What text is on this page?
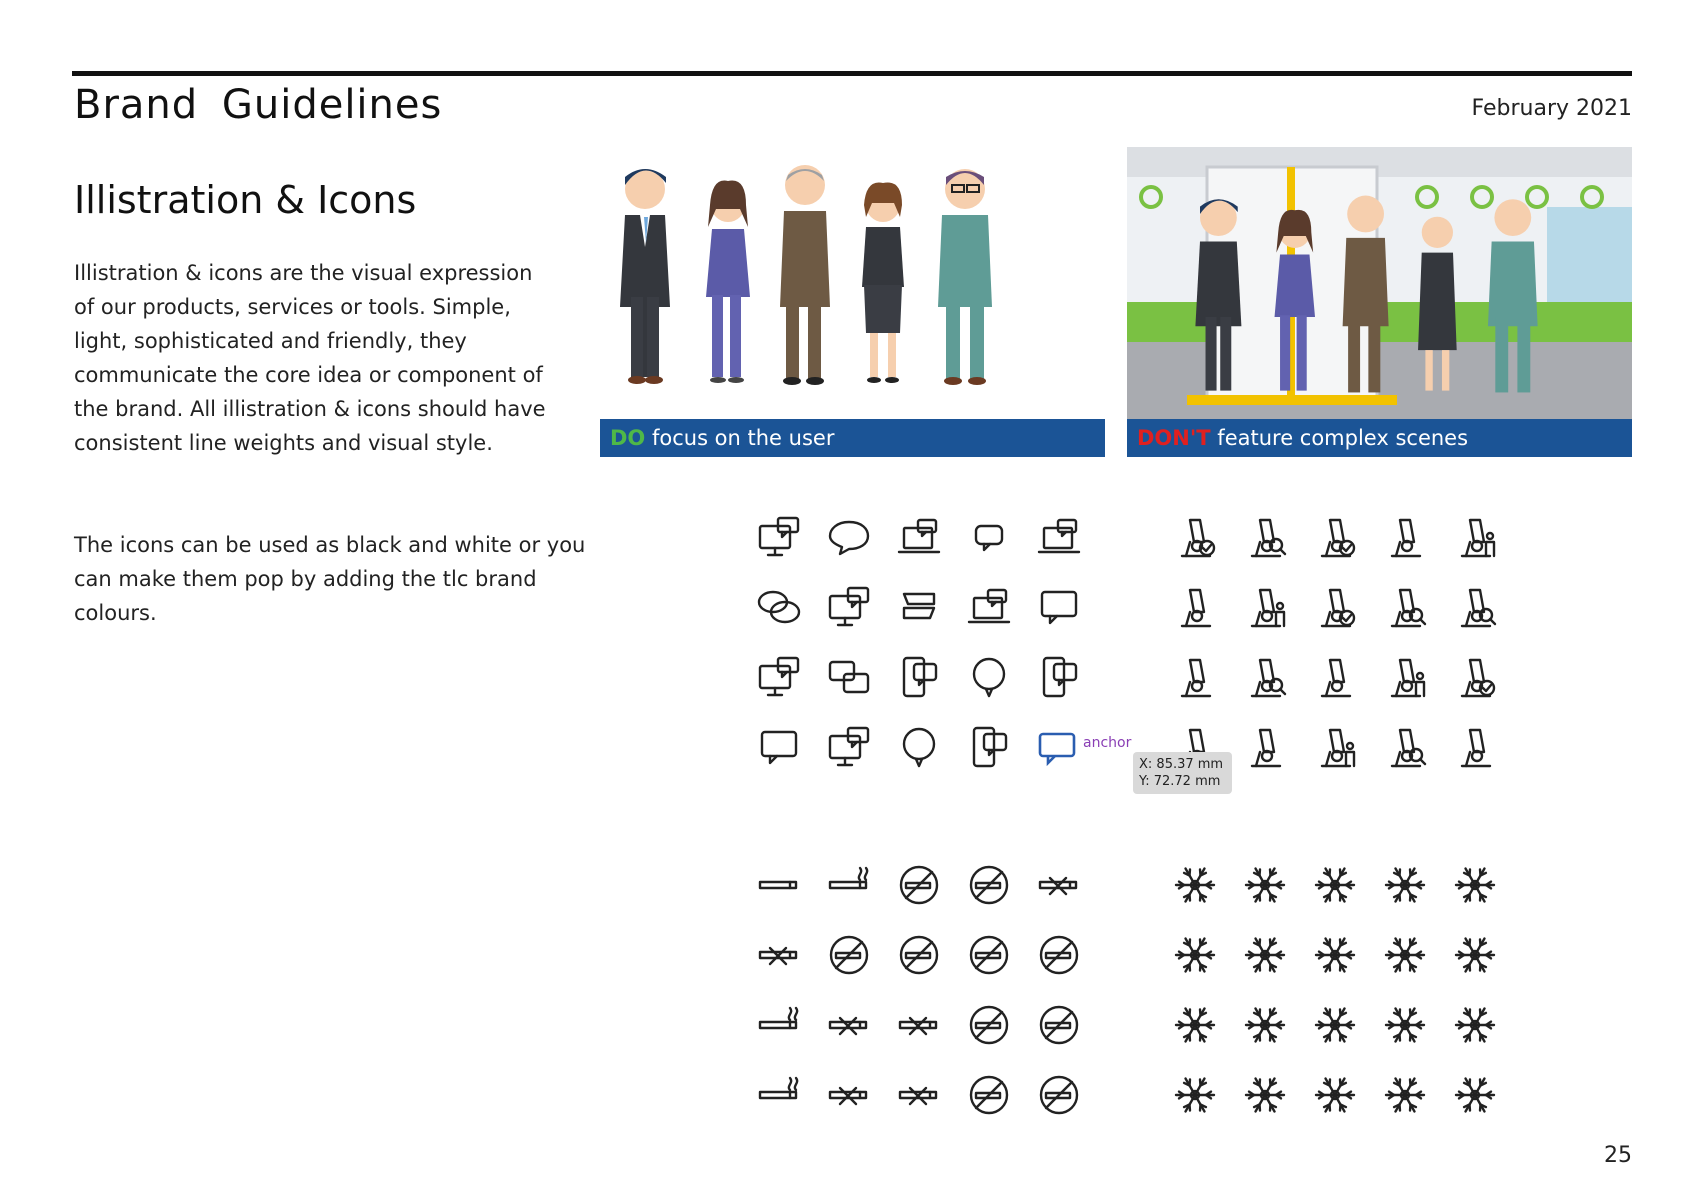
Brand Guidelines	February 2021
Illistration & Icons

Illistration & icons are the visual expression of our products, services or tools. Simple, light, sophisticated and friendly, they communicate the core idea or component of the brand. All illistration & icons should have consistent line weights and visual style.

The icons can be used as black and white or you can make them pop by adding the tlc brand colours.

DO focus on the user	DON'T feature complex scenes
anchor
X: 85.37 mm
Y: 72.72 mm
25
